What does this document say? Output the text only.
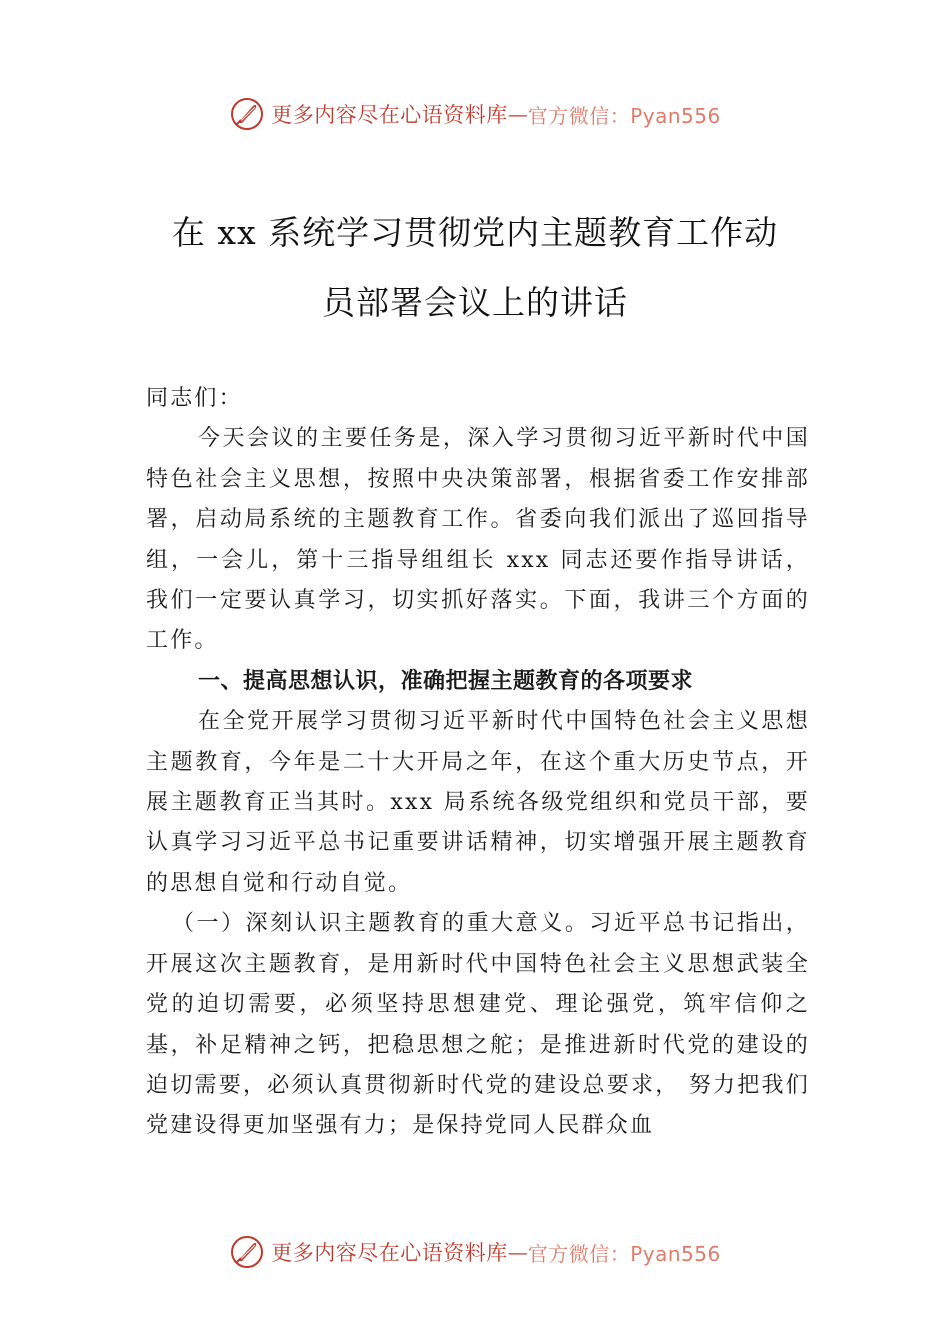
更多内容尽在心语资料库 — 官方微信：Pyan556
在 xx 系统学习贯彻党内主题教育工作动
员部署会议上的讲话

同志们：

今天会议的主要任务是，深入学习贯彻习近平新时代中国特色社会主义思想，按照中央决策部署，根据省委工作安排部署，启动局系统的主题教育工作。省委向我们派出了巡回指导组，一会儿，第十三指导组组长 xxx 同志还要作指导讲话，我们一定要认真学习，切实抓好落实。下面，我讲三个方面的工作。

一、提高思想认识，准确把握主题教育的各项要求

在全党开展学习贯彻习近平新时代中国特色社会主义思想主题教育，今年是二十大开局之年，在这个重大历史节点，开展主题教育正当其时。xxx 局系统各级党组织和党员干部，要认真学习习近平总书记重要讲话精神，切实增强开展主题教育的思想自觉和行动自觉。

（一）深刻认识主题教育的重大意义。习近平总书记指出，开展这次主题教育，是用新时代中国特色社会主义思想武装全党的迫切需要，必须坚持思想建党、理论强党，筑牢信仰之基，补足精神之钙，把稳思想之舵；是推进新时代党的建设的迫切需要，必须认真贯彻新时代党的建设总要求， 努力把我们党建设得更加坚强有力；是保持党同人民群众血

更多内容尽在心语资料库 — 官方微信：Pyan556
